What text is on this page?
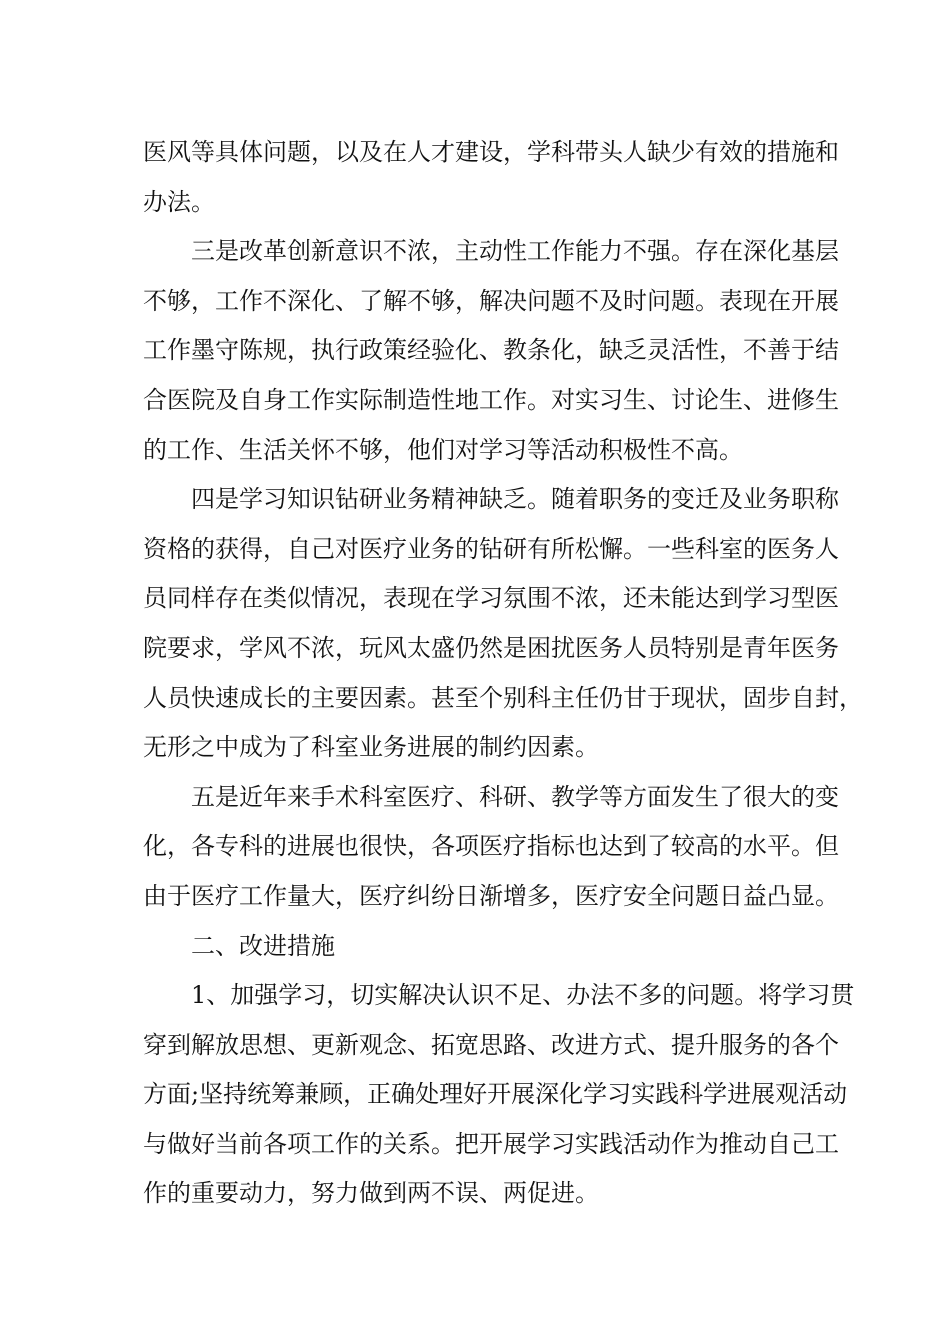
医风等具体问题，以及在人才建设，学科带头人缺少有效的措施和
办法。
三是改革创新意识不浓，主动性工作能力不强。存在深化基层
不够，工作不深化、了解不够，解决问题不及时问题。表现在开展
工作墨守陈规，执行政策经验化、教条化，缺乏灵活性，不善于结
合医院及自身工作实际制造性地工作。对实习生、讨论生、进修生
的工作、生活关怀不够，他们对学习等活动积极性不高。
四是学习知识钻研业务精神缺乏。随着职务的变迁及业务职称
资格的获得，自己对医疗业务的钻研有所松懈。一些科室的医务人
员同样存在类似情况，表现在学习氛围不浓，还未能达到学习型医
院要求，学风不浓，玩风太盛仍然是困扰医务人员特别是青年医务
人员快速成长的主要因素。甚至个别科主任仍甘于现状，固步自封，
无形之中成为了科室业务进展的制约因素。
五是近年来手术科室医疗、科研、教学等方面发生了很大的变
化，各专科的进展也很快，各项医疗指标也达到了较高的水平。但
由于医疗工作量大，医疗纠纷日渐增多，医疗安全问题日益凸显。
二、改进措施
1、加强学习，切实解决认识不足、办法不多的问题。将学习贯
穿到解放思想、更新观念、拓宽思路、改进方式、提升服务的各个
方面;坚持统筹兼顾，正确处理好开展深化学习实践科学进展观活动
与做好当前各项工作的关系。把开展学习实践活动作为推动自己工
作的重要动力，努力做到两不误、两促进。
